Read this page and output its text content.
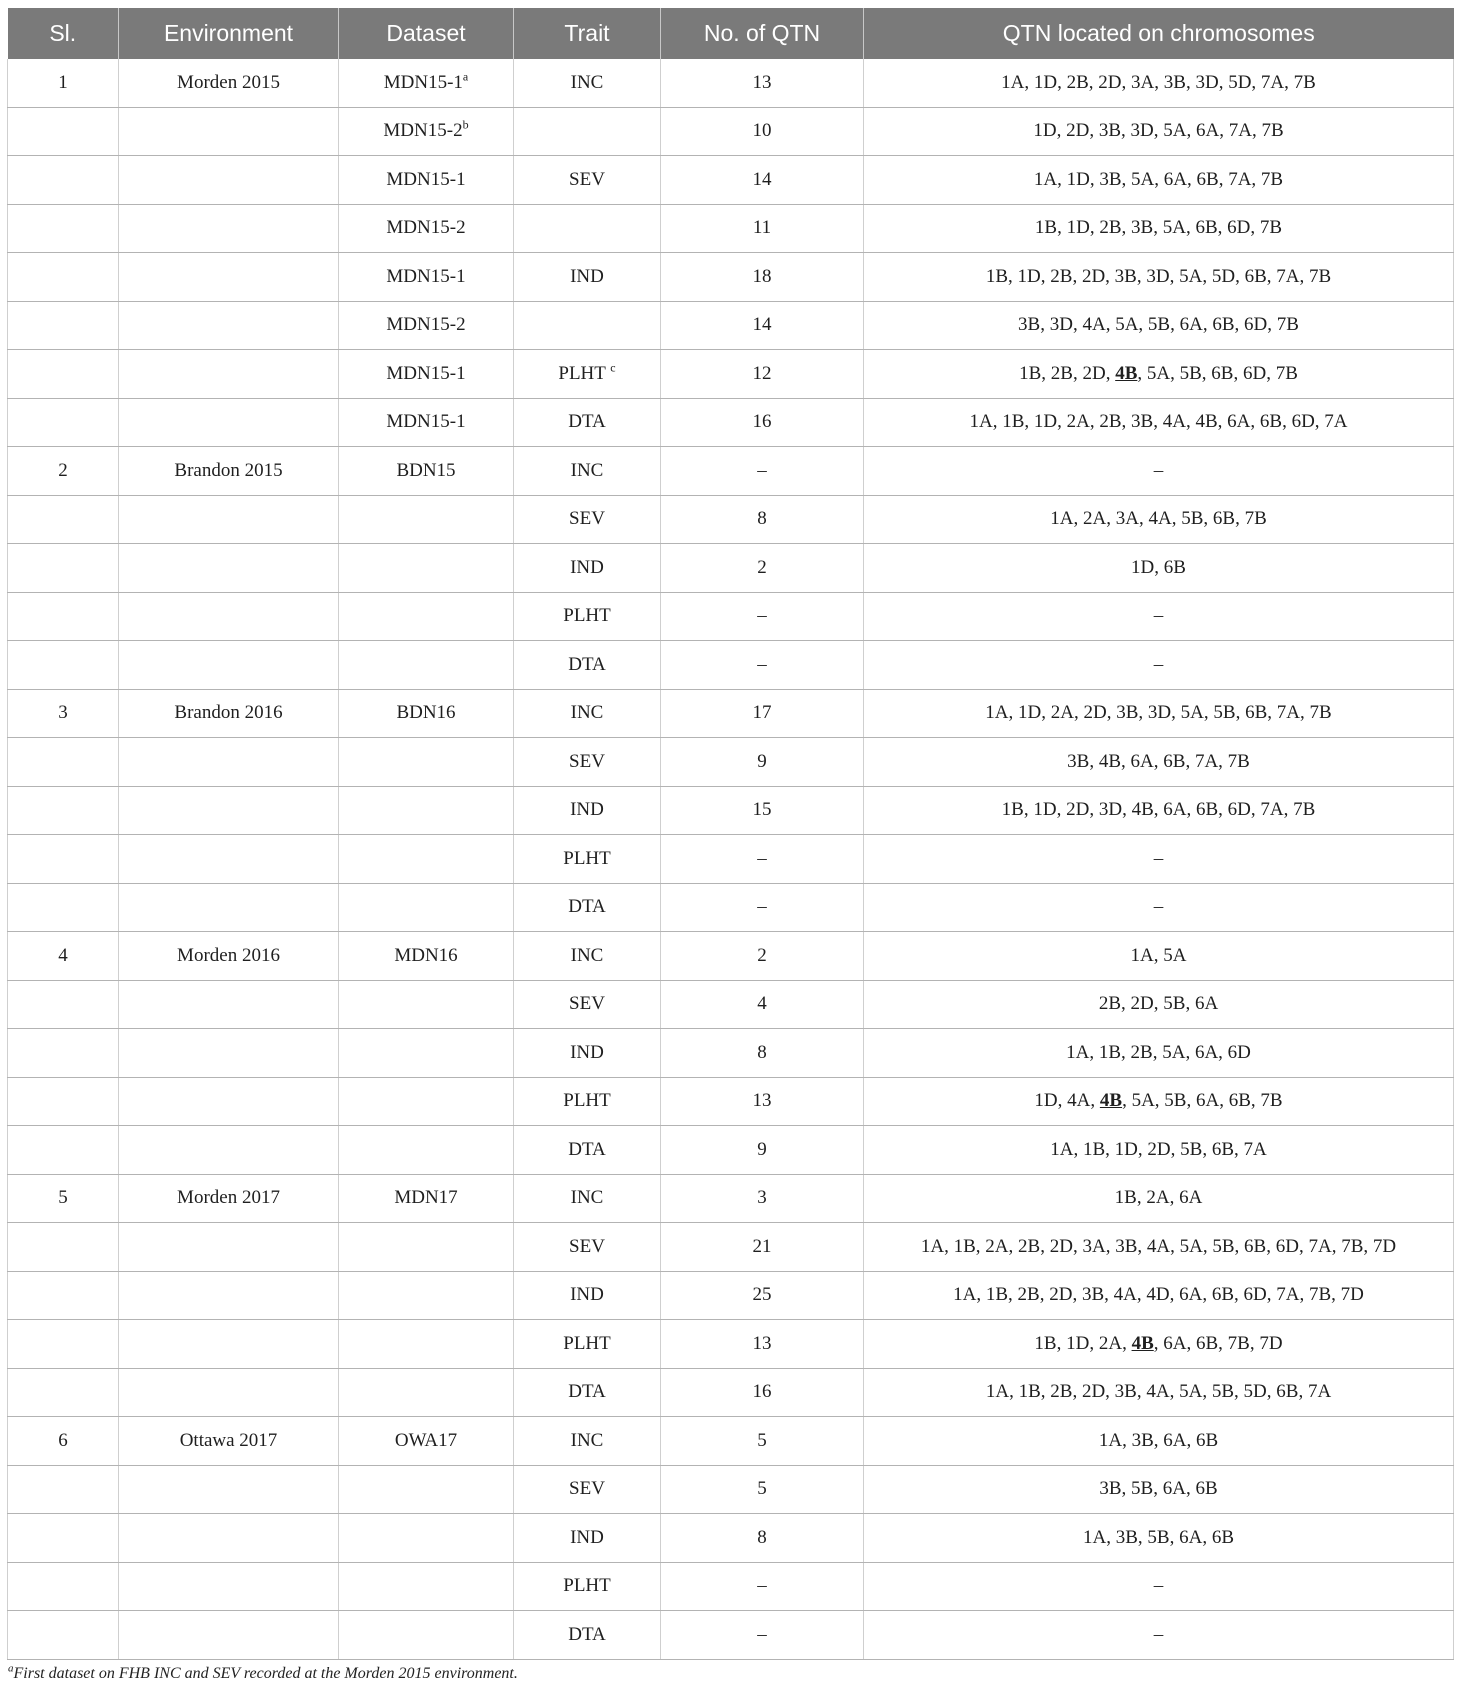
Sl.	Environment	Dataset	Trait	No. of QTN	QTN located on chromosomes
1	Morden 2015	MDN15-1$^a$	INC	13	1A, 1D, 2B, 2D, 3A, 3B, 3D, 5D, 7A, 7B
		MDN15-2$^b$		10	1D, 2D, 3B, 3D, 5A, 6A, 7A, 7B
		MDN15-1	SEV	14	1A, 1D, 3B, 5A, 6A, 6B, 7A, 7B
		MDN15-2		11	1B, 1D, 2B, 3B, 5A, 6B, 6D, 7B
		MDN15-1	IND	18	1B, 1D, 2B, 2D, 3B, 3D, 5A, 5D, 6B, 7A, 7B
		MDN15-2		14	3B, 3D, 4A, 5A, 5B, 6A, 6B, 6D, 7B
		MDN15-1	PLHT $^c$	12	1B, 2B, 2D, 4B, 5A, 5B, 6B, 6D, 7B
		MDN15-1	DTA	16	1A, 1B, 1D, 2A, 2B, 3B, 4A, 4B, 6A, 6B, 6D, 7A
2	Brandon 2015	BDN15	INC	–	–
			SEV	8	1A, 2A, 3A, 4A, 5B, 6B, 7B
			IND	2	1D, 6B
			PLHT	–	–
			DTA	–	–
3	Brandon 2016	BDN16	INC	17	1A, 1D, 2A, 2D, 3B, 3D, 5A, 5B, 6B, 7A, 7B
			SEV	9	3B, 4B, 6A, 6B, 7A, 7B
			IND	15	1B, 1D, 2D, 3D, 4B, 6A, 6B, 6D, 7A, 7B
			PLHT	–	–
			DTA	–	–
4	Morden 2016	MDN16	INC	2	1A, 5A
			SEV	4	2B, 2D, 5B, 6A
			IND	8	1A, 1B, 2B, 5A, 6A, 6D
			PLHT	13	1D, 4A, 4B, 5A, 5B, 6A, 6B, 7B
			DTA	9	1A, 1B, 1D, 2D, 5B, 6B, 7A
5	Morden 2017	MDN17	INC	3	1B, 2A, 6A
			SEV	21	1A, 1B, 2A, 2B, 2D, 3A, 3B, 4A, 5A, 5B, 6B, 6D, 7A, 7B, 7D
			IND	25	1A, 1B, 2B, 2D, 3B, 4A, 4D, 6A, 6B, 6D, 7A, 7B, 7D
			PLHT	13	1B, 1D, 2A, 4B, 6A, 6B, 7B, 7D
			DTA	16	1A, 1B, 2B, 2D, 3B, 4A, 5A, 5B, 5D, 6B, 7A
6	Ottawa 2017	OWA17	INC	5	1A, 3B, 6A, 6B
			SEV	5	3B, 5B, 6A, 6B
			IND	8	1A, 3B, 5B, 6A, 6B
			PLHT	–	–
			DTA	–	–
$^a$First dataset on FHB INC and SEV recorded at the Morden 2015 environment.
